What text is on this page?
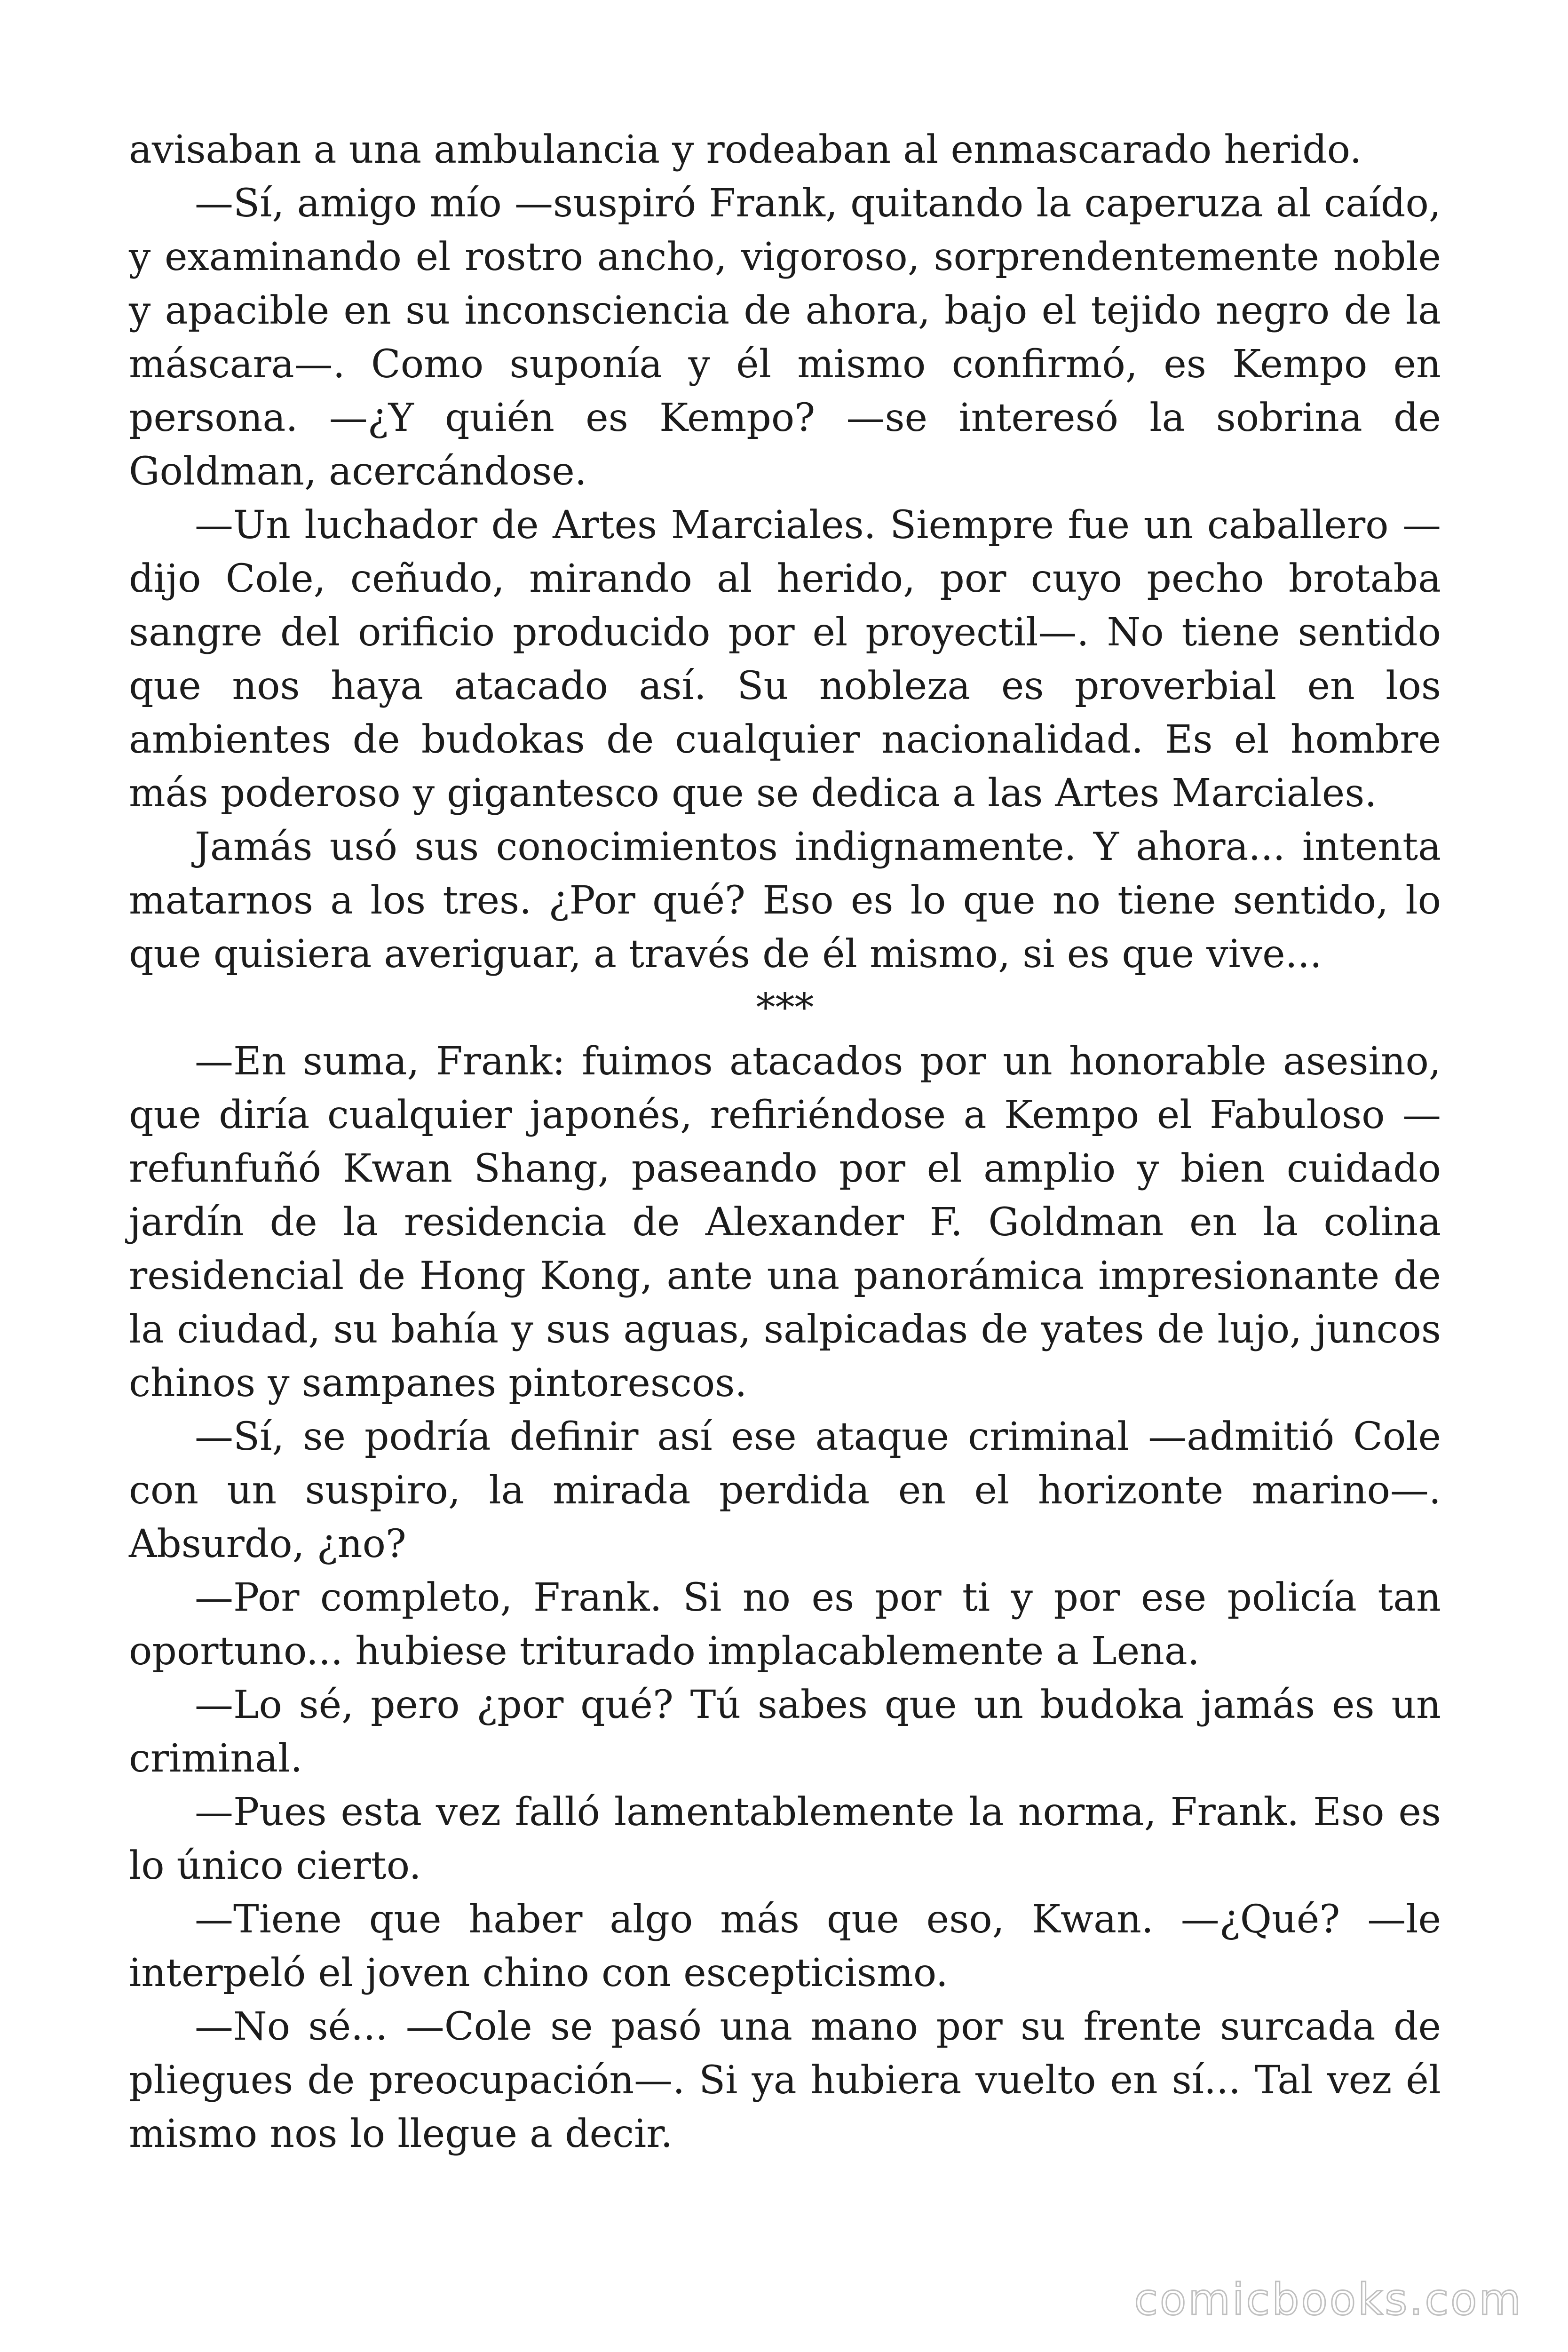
avisaban a una ambulancia y rodeaban al enmascarado herido.

—Sí, amigo mío —suspiró Frank, quitando la caperuza al caído, y examinando el rostro ancho, vigoroso, sorprendentemente noble y apacible en su inconsciencia de ahora, bajo el tejido negro de la máscara—. Como suponía y él mismo confirmó, es Kempo en persona. —¿Y quién es Kempo? —se interesó la sobrina de Goldman, acercándose.

—Un luchador de Artes Marciales. Siempre fue un caballero —dijo Cole, ceñudo, mirando al herido, por cuyo pecho brotaba sangre del orificio producido por el proyectil—. No tiene sentido que nos haya atacado así. Su nobleza es proverbial en los ambientes de budokas de cualquier nacionalidad. Es el hombre más poderoso y gigantesco que se dedica a las Artes Marciales.

Jamás usó sus conocimientos indignamente. Y ahora... intenta matarnos a los tres. ¿Por qué? Eso es lo que no tiene sentido, lo que quisiera averiguar, a través de él mismo, si es que vive...

***

—En suma, Frank: fuimos atacados por un honorable asesino, que diría cualquier japonés, refiriéndose a Kempo el Fabuloso —refunfuñó Kwan Shang, paseando por el amplio y bien cuidado jardín de la residencia de Alexander F. Goldman en la colina residencial de Hong Kong, ante una panorámica impresionante de la ciudad, su bahía y sus aguas, salpicadas de yates de lujo, juncos chinos y sampanes pintorescos.

—Sí, se podría definir así ese ataque criminal —admitió Cole con un suspiro, la mirada perdida en el horizonte marino—. Absurdo, ¿no?

—Por completo, Frank. Si no es por ti y por ese policía tan oportuno... hubiese triturado implacablemente a Lena.

—Lo sé, pero ¿por qué? Tú sabes que un budoka jamás es un criminal.

—Pues esta vez falló lamentablemente la norma, Frank. Eso es lo único cierto.

—Tiene que haber algo más que eso, Kwan. —¿Qué? —le interpeló el joven chino con escepticismo.

—No sé... —Cole se pasó una mano por su frente surcada de pliegues de preocupación—. Si ya hubiera vuelto en sí... Tal vez él mismo nos lo llegue a decir.

comicbooks.com
